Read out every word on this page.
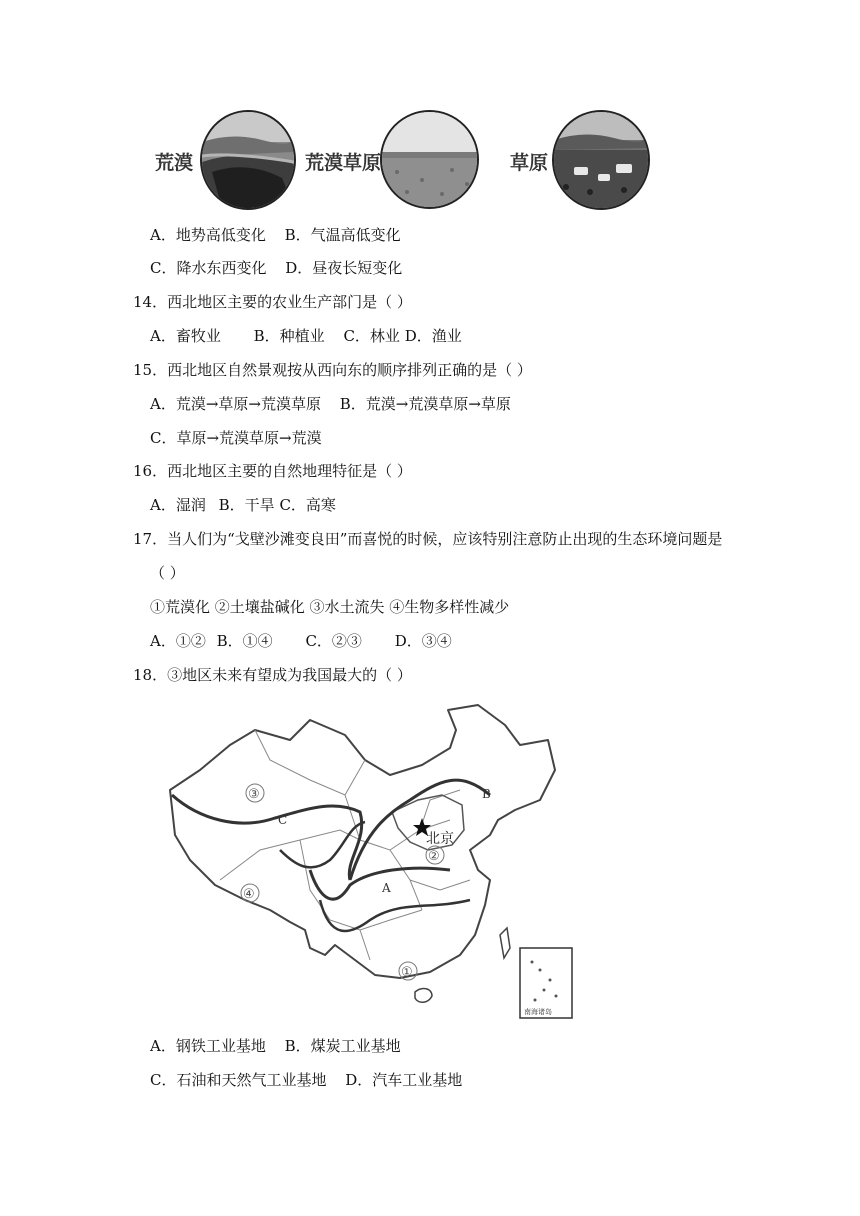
荒漠	荒漠草原	草原
A．地势高低变化 B．气温高低变化
C．降水东西变化 D．昼夜长短变化
14．西北地区主要的农业生产部门是（ ）
A．畜牧业 B．种植业 C．林业 D．渔业
15．西北地区自然景观按从西向东的顺序排列正确的是（ ）
A．荒漠→草原→荒漠草原 B．荒漠→荒漠草原→草原
C．草原→荒漠草原→荒漠
16．西北地区主要的自然地理特征是（ ）
A．湿润 B．干旱 C．高寒
17．当人们为“戈壁沙滩变良田”而喜悦的时候，应该特别注意防止出现的生态环境问题是
（ ）
①荒漠化 ②土壤盐碱化 ③水土流失 ④生物多样性减少
A．①② B．①④ C．②③ D．③④
18．③地区未来有望成为我国最大的（ ）
北京
③
②
④
①
A
B
C
南海诸岛
A．钢铁工业基地 B．煤炭工业基地
C．石油和天然气工业基地 D．汽车工业基地
